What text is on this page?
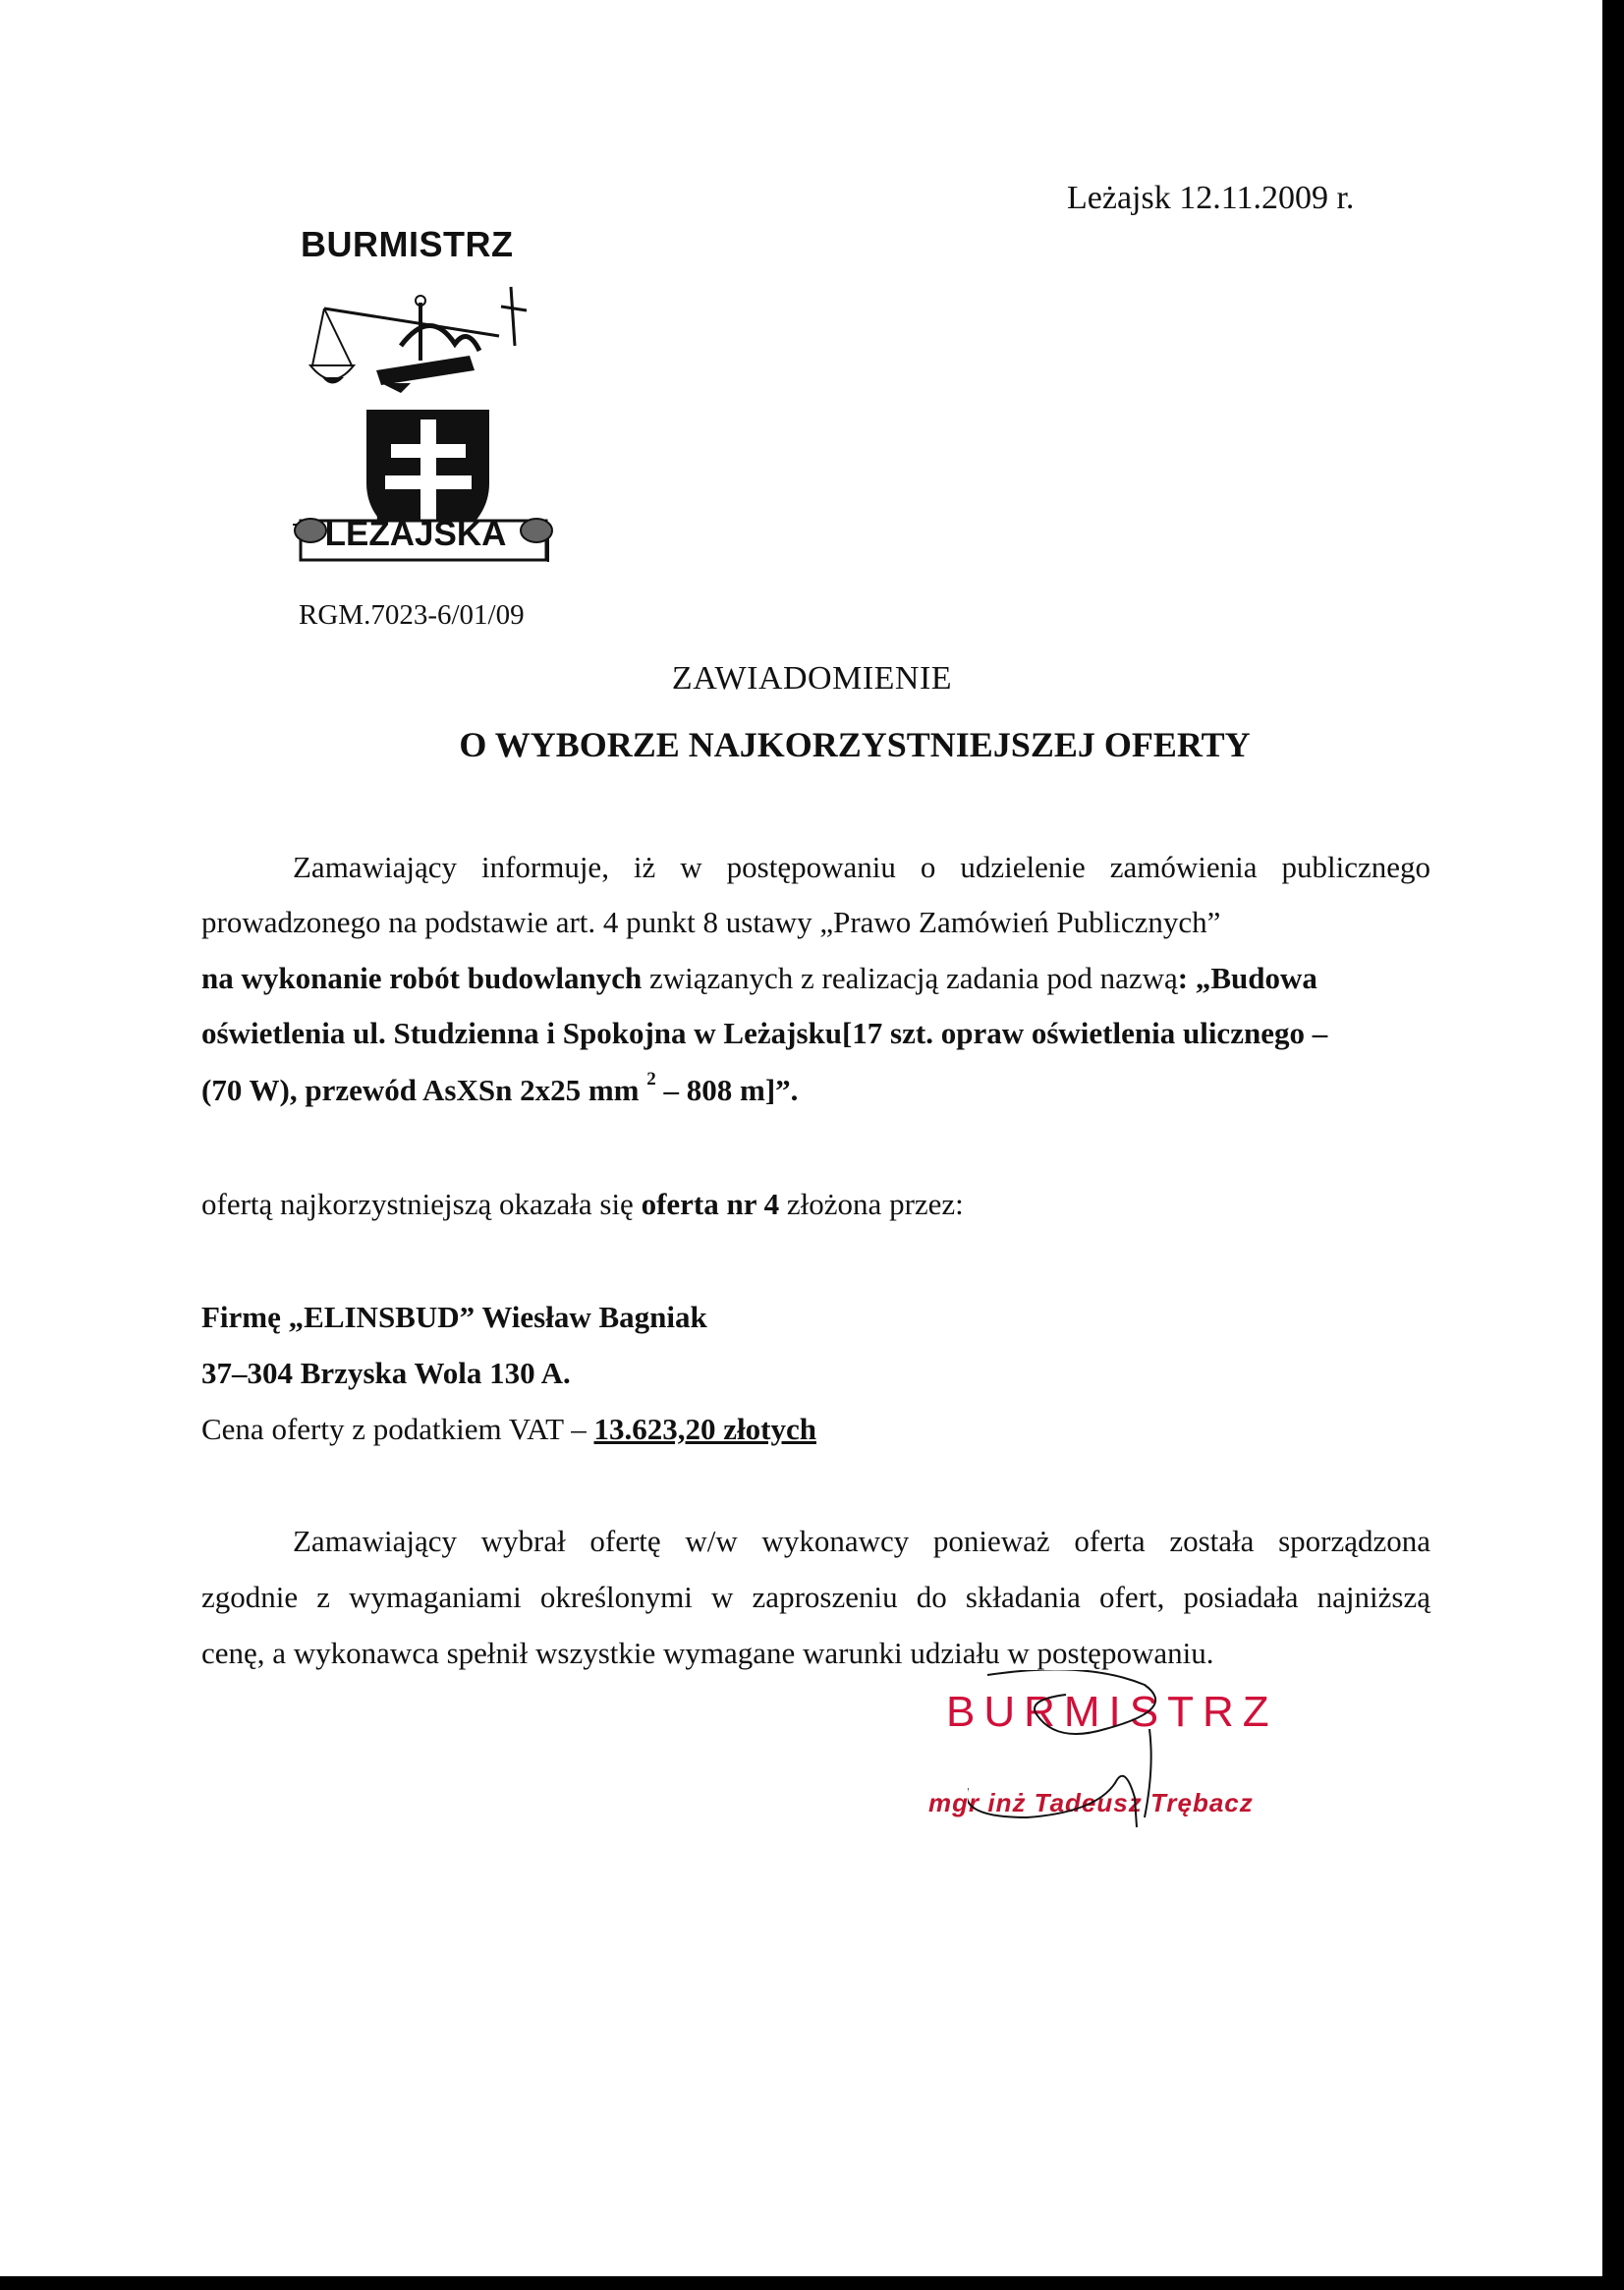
Leżajsk 12.11.2009 r.
BURMISTRZ
LEŻAJSKA
RGM.7023-6/01/09
ZAWIADOMIENIE
O WYBORZE NAJKORZYSTNIEJSZEJ OFERTY
Zamawiający informuje, iż w postępowaniu o udzielenie zamówienia publicznego
prowadzonego na podstawie art. 4 punkt 8 ustawy „Prawo Zamówień Publicznych”
na wykonanie robót budowlanych związanych z realizacją zadania pod nazwą: „Budowa
oświetlenia ul. Studzienna i Spokojna w Leżajsku[17 szt. opraw oświetlenia ulicznego –
(70 W), przewód AsXSn 2x25 mm $^2$ – 808 m]”.
ofertą najkorzystniejszą okazała się oferta nr 4 złożona przez:
Firmę „ELINSBUD” Wiesław Bagniak
37–304 Brzyska Wola 130 A.
Cena oferty z podatkiem VAT – 13.623,20 złotych
Zamawiający wybrał ofertę w/w wykonawcy ponieważ oferta została sporządzona
zgodnie z wymaganiami określonymi w zaproszeniu do składania ofert, posiadała najniższą
cenę, a wykonawca spełnił wszystkie wymagane warunki udziału w postępowaniu.
BURMISTRZ
mgr inż Tadeusz Trębacz
